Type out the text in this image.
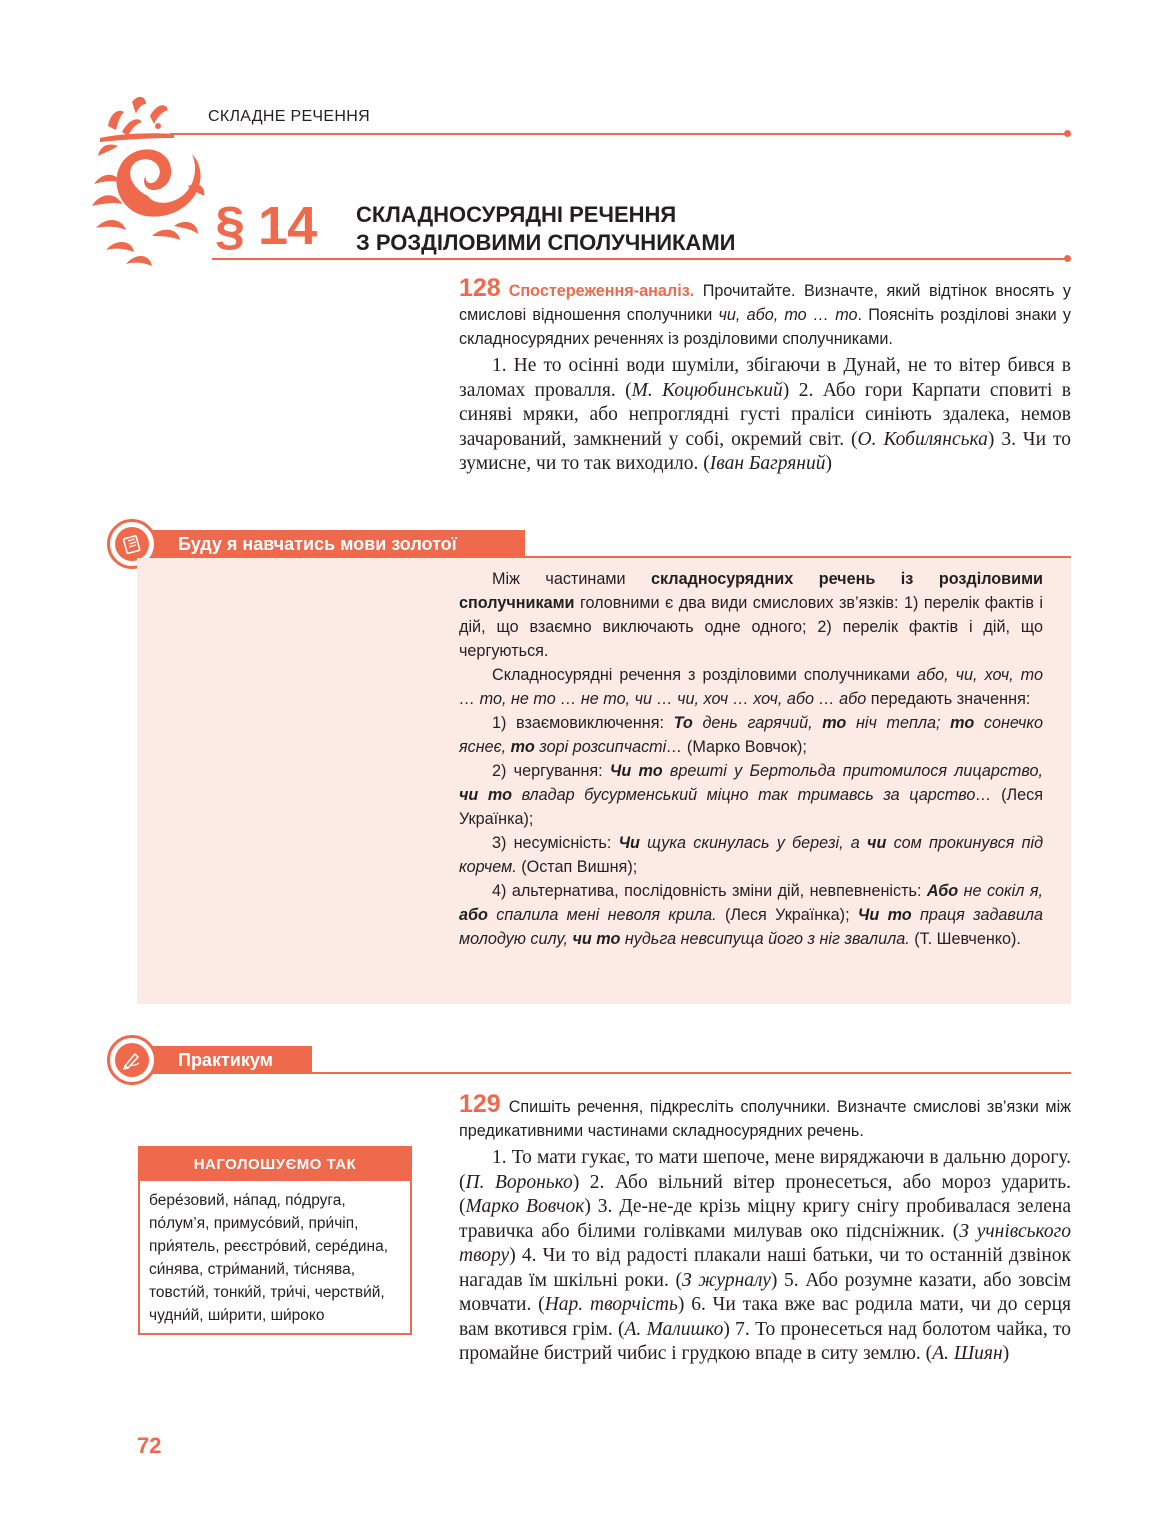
СКЛАДНЕ РЕЧЕННЯ
§ 14 СКЛАДНОСУРЯДНІ РЕЧЕННЯ
З РОЗДІЛОВИМИ СПОЛУЧНИКАМИ
128 Спостереження-аналіз. Прочитайте. Визначте, який відтінок вносять у смислові відношення сполучники чи, або, то … то. Поясніть розділові знаки у складносурядних реченнях із розділовими сполучниками.

1. Не то осінні води шуміли, збігаючи в Дунай, не то вітер бився в заломах провалля. (М. Коцюбинський) 2. Або гори Карпати сповиті в синяві мряки, або непроглядні густі праліси синіють здалека, немов зачарований, замкнений у собі, окремий світ. (О. Кобилянська) 3. Чи то зумисне, чи то так виходило. (Іван Багряний)

Буду я навчатись мови золотої

Між частинами складносурядних речень із розділовими сполучниками головними є два види смислових зв’язків: 1) перелік фактів і дій, що взаємно виключають одне одного; 2) перелік фактів і дій, що чергуються.

Складносурядні речення з розділовими сполучниками або, чи, хоч, то … то, не то … не то, чи … чи, хоч … хоч, або … або передають значення:

1) взаємовиключення: То день гарячий, то ніч тепла; то сонечко яснеє, то зорі розсипчасті… (Марко Вовчок);

2) чергування: Чи то врешті у Бертольда притомилося лицарство, чи то владар бусурменський міцно так тримавсь за царство… (Леся Українка);

3) несумісність: Чи щука скинулась у березі, а чи сом прокинувся під корчем. (Остап Вишня);

4) альтернатива, послідовність зміни дій, невпевненість: Або не сокіл я, або спалила мені неволя крила. (Леся Українка); Чи то праця задавила молодую силу, чи то нудьга невсипуща його з ніг звалила. (Т. Шевченко).

Практикум
129 Спишіть речення, підкресліть сполучники. Визначте смислові зв’язки між предикативними частинами складносурядних речень.

1. То мати гукає, то мати шепоче, мене виряджаючи в дальню дорогу. (П. Воронько) 2. Або вільний вітер пронесеться, або мороз ударить. (Марко Вовчок) 3. Де-не-де крізь міцну кригу снігу пробивалася зелена травичка або білими голівками милував око підсніжник. (З учнівського твору) 4. Чи то від радості плакали наші батьки, чи то останній дзвінок нагадав їм шкільні роки. (З журналу) 5. Або розумне казати, або зовсім мовчати. (Нар. творчість) 6. Чи така вже вас родила мати, чи до серця вам вкотився грім. (А. Малишко) 7. То пронесеться над болотом чайка, то промайне бистрий чибис і грудкою впаде в ситу землю. (А. Шиян)

НАГОЛОШУЄМО ТАК
бере́зовий, на́пад, по́друга, по́лум’я, примусо́вий, при́чіп, при́ятель, реєстро́вий, сере́дина, си́нява, стри́маний, ти́снява, товсти́й, тонки́й, три́чі, черстви́й, чудни́й, ши́рити, ши́роко
72
